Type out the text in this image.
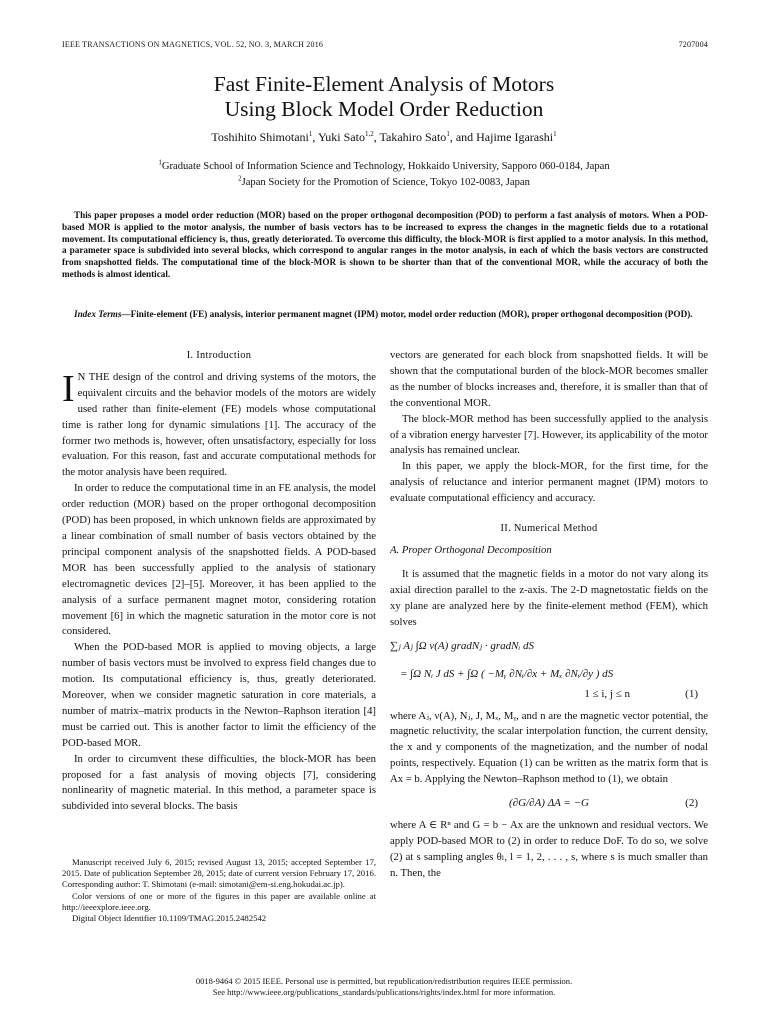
IEEE TRANSACTIONS ON MAGNETICS, VOL. 52, NO. 3, MARCH 2016	7207004
Fast Finite-Element Analysis of Motors
Using Block Model Order Reduction
Toshihito Shimotani$^1$, Yuki Sato$^{1,2}$, Takahiro Sato$^1$, and Hajime Igarashi$^1$
$^1$Graduate School of Information Science and Technology, Hokkaido University, Sapporo 060-0184, Japan
$^2$Japan Society for the Promotion of Science, Tokyo 102-0083, Japan
This paper proposes a model order reduction (MOR) based on the proper orthogonal decomposition (POD) to perform a fast analysis of motors. When a POD-based MOR is applied to the motor analysis, the number of basis vectors has to be increased to express the changes in the magnetic fields due to a rotational movement. Its computational efficiency is, thus, greatly deteriorated. To overcome this difficulty, the block-MOR is first applied to a motor analysis. In this method, a parameter space is subdivided into several blocks, which correspond to angular ranges in the motor analysis, in each of which the basis vectors are constructed from snapshotted fields. The computational time of the block-MOR is shown to be shorter than that of the conventional MOR, while the accuracy of both the methods is almost identical.
Index Terms—Finite-element (FE) analysis, interior permanent magnet (IPM) motor, model order reduction (MOR), proper orthogonal decomposition (POD).
I. Introduction

I N THE design of the control and driving systems of the motors, the equivalent circuits and the behavior models of the motors are widely used rather than finite-element (FE) models whose computational time is rather long for dynamic simulations [1]. The accuracy of the former two methods is, however, often unsatisfactory, especially for loss evaluation. For this reason, fast and accurate computational methods for the motor analysis have been required.

In order to reduce the computational time in an FE analysis, the model order reduction (MOR) based on the proper orthogonal decomposition (POD) has been proposed, in which unknown fields are approximated by a linear combination of small number of basis vectors obtained by the principal component analysis of the snapshotted fields. A POD-based MOR has been successfully applied to the analysis of stationary electromagnetic devices [2]–[5]. Moreover, it has been applied to the analysis of a surface permanent magnet motor, considering rotation movement [6] in which the magnetic saturation in the motor core is not considered.

When the POD-based MOR is applied to moving objects, a large number of basis vectors must be involved to express field changes due to motion. Its computational efficiency is, thus, greatly deteriorated. Moreover, when we consider magnetic saturation in core materials, a number of matrix–matrix products in the Newton–Raphson iteration [4] must be carried out. This is another factor to limit the efficiency of the POD-based MOR.

In order to circumvent these difficulties, the block-MOR has been proposed for a fast analysis of moving objects [7], considering nonlinearity of magnetic material. In this method, a parameter space is subdivided into several blocks. The basis

vectors are generated for each block from snapshotted fields. It will be shown that the computational burden of the block-MOR becomes smaller as the number of blocks increases and, therefore, it is smaller than that of the conventional MOR.

The block-MOR method has been successfully applied to the analysis of a vibration energy harvester [7]. However, its applicability of the motor analysis has remained unclear.

In this paper, we apply the block-MOR, for the first time, for the analysis of reluctance and interior permanent magnet (IPM) motors to evaluate computational efficiency and accuracy.

II. Numerical Method

A. Proper Orthogonal Decomposition

It is assumed that the magnetic fields in a motor do not vary along its axial direction parallel to the z-axis. The 2-D magnetostatic fields on the xy plane are analyzed here by the finite-element method (FEM), which solves

∑ⱼ Aⱼ ∫Ω ν(A) gradNⱼ · gradNᵢ dS
= ∫Ω Nᵢ J dS + ∫Ω ( −Mᵧ ∂Nᵢ/∂x + Mₓ ∂Nᵢ/∂y ) dS
1 ≤ i, j ≤ n	(1)

where Aⱼ, ν(A), Nⱼ, J, Mₓ, Mᵧ, and n are the magnetic vector potential, the magnetic reluctivity, the scalar interpolation function, the current density, the x and y components of the magnetization, and the number of nodal points, respectively. Equation (1) can be written as the matrix form that is Ax = b. Applying the Newton–Raphson method to (1), we obtain

(∂G/∂A) ΔA = −G	(2)

where A ∈ Rⁿ and G = b − Ax are the unknown and residual vectors. We apply POD-based MOR to (2) in order to reduce DoF. To do so, we solve (2) at s sampling angles θₗ, l = 1, 2, . . . , s, where s is much smaller than n. Then, the

Manuscript received July 6, 2015; revised August 13, 2015; accepted September 17, 2015. Date of publication September 28, 2015; date of current version February 17, 2016. Corresponding author: T. Shimotani (e-mail: simotani@em-si.eng.hokudai.ac.jp).

Color versions of one or more of the figures in this paper are available online at http://ieeexplore.ieee.org.

Digital Object Identifier 10.1109/TMAG.2015.2482542

0018-9464 © 2015 IEEE. Personal use is permitted, but republication/redistribution requires IEEE permission.
See http://www.ieee.org/publications_standards/publications/rights/index.html for more information.
